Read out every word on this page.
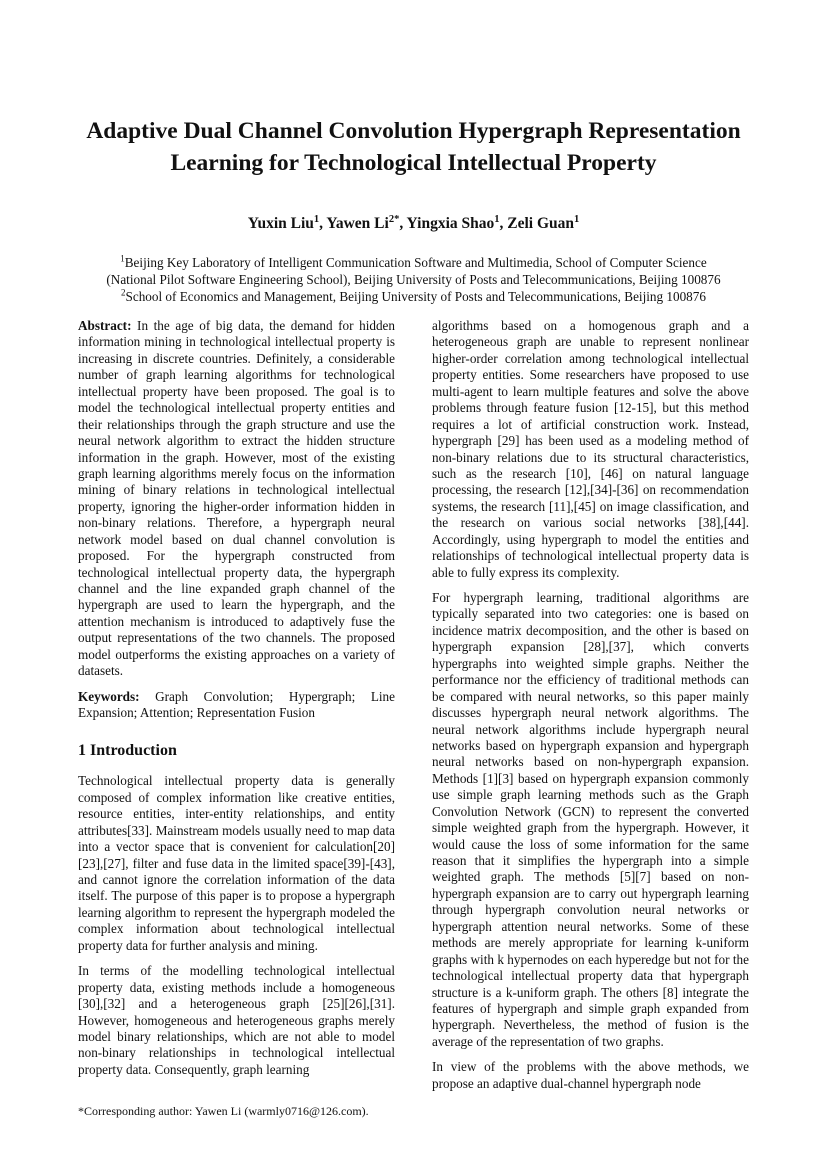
Adaptive Dual Channel Convolution Hypergraph Representation Learning for Technological Intellectual Property
Yuxin Liu$^1$, Yawen $Li^{2*}$, Yingxia Shao$^1$, Zeli Guan$^1$
$^1$Beijing Key Laboratory of Intelligent Communication Software and Multimedia, School of Computer Science
(National Pilot Software Engineering School), Beijing University of Posts and Telecommunications, Beijing 100876
$^2$School of Economics and Management, Beijing University of Posts and Telecommunications, Beijing 100876

Abstract: In the age of big data, the demand for hidden information mining in technological intellectual property is increasing in discrete countries. Definitely, a considerable number of graph learning algorithms for technological intellectual property have been proposed. The goal is to model the technological intellectual property entities and their relationships through the graph structure and use the neural network algorithm to extract the hidden structure information in the graph. However, most of the existing graph learning algorithms merely focus on the information mining of binary relations in technological intellectual property, ignoring the higher-order information hidden in non-binary relations. Therefore, a hypergraph neural network model based on dual channel convolution is proposed. For the hypergraph constructed from technological intellectual property data, the hypergraph channel and the line expanded graph channel of the hypergraph are used to learn the hypergraph, and the attention mechanism is introduced to adaptively fuse the output representations of the two channels. The proposed model outperforms the existing approaches on a variety of datasets.

Keywords: Graph Convolution; Hypergraph; Line Expansion; Attention; Representation Fusion

1 Introduction

Technological intellectual property data is generally composed of complex information like creative entities, resource entities, inter-entity relationships, and entity attributes[33]. Mainstream models usually need to map data into a vector space that is convenient for calculation[20][23],[27], filter and fuse data in the limited space[39]-[43], and cannot ignore the correlation information of the data itself. The purpose of this paper is to propose a hypergraph learning algorithm to represent the hypergraph modeled the complex information about technological intellectual property data for further analysis and mining.

In terms of the modelling technological intellectual property data, existing methods include a homogeneous [30],[32] and a heterogeneous graph [25][26],[31]. However, homogeneous and heterogeneous graphs merely model binary relationships, which are not able to model non-binary relationships in technological intellectual property data. Consequently, graph learning

algorithms based on a homogenous graph and a heterogeneous graph are unable to represent nonlinear higher-order correlation among technological intellectual property entities. Some researchers have proposed to use multi-agent to learn multiple features and solve the above problems through feature fusion [12-15], but this method requires a lot of artificial construction work. Instead, hypergraph [29] has been used as a modeling method of non-binary relations due to its structural characteristics, such as the research [10], [46] on natural language processing, the research [12],[34]-[36] on recommendation systems, the research [11],[45] on image classification, and the research on various social networks [38],[44]. Accordingly, using hypergraph to model the entities and relationships of technological intellectual property data is able to fully express its complexity.

For hypergraph learning, traditional algorithms are typically separated into two categories: one is based on incidence matrix decomposition, and the other is based on hypergraph expansion [28],[37], which converts hypergraphs into weighted simple graphs. Neither the performance nor the efficiency of traditional methods can be compared with neural networks, so this paper mainly discusses hypergraph neural network algorithms. The neural network algorithms include hypergraph neural networks based on hypergraph expansion and hypergraph neural networks based on non-hypergraph expansion. Methods [1][3] based on hypergraph expansion commonly use simple graph learning methods such as the Graph Convolution Network (GCN) to represent the converted simple weighted graph from the hypergraph. However, it would cause the loss of some information for the same reason that it simplifies the hypergraph into a simple weighted graph. The methods [5][7] based on non-hypergraph expansion are to carry out hypergraph learning through hypergraph convolution neural networks or hypergraph attention neural networks. Some of these methods are merely appropriate for learning k-uniform graphs with k hypernodes on each hyperedge but not for the technological intellectual property data that hypergraph structure is a k-uniform graph. The others [8] integrate the features of hypergraph and simple graph expanded from hypergraph. Nevertheless, the method of fusion is the average of the representation of two graphs.

In view of the problems with the above methods, we propose an adaptive dual-channel hypergraph node

*Corresponding author: Yawen Li (warmly0716@126.com).
